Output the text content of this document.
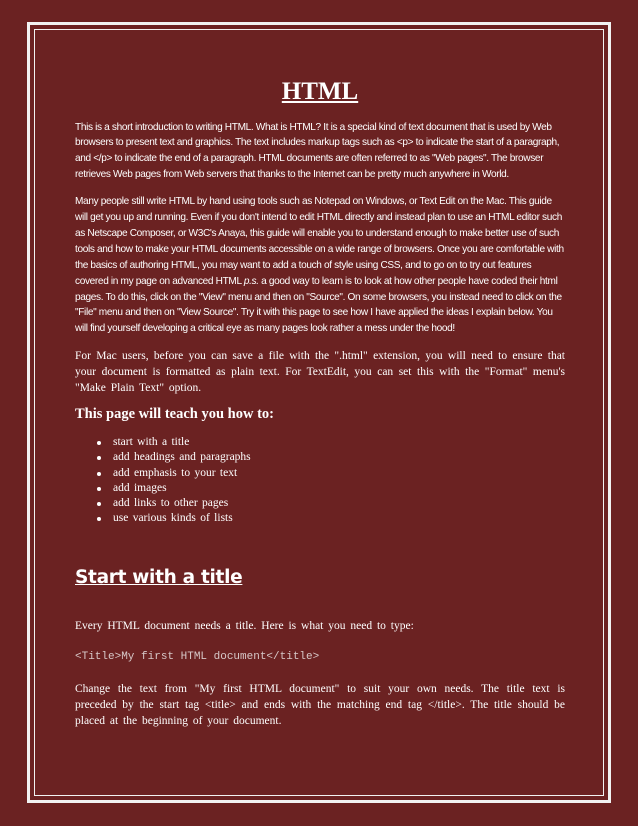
HTML

This is a short introduction to writing HTML. What is HTML? It is a special kind of text document that is used by Web browsers to present text and graphics. The text includes markup tags such as <p> to indicate the start of a paragraph, and </p> to indicate the end of a paragraph. HTML documents are often referred to as "Web pages". The browser retrieves Web pages from Web servers that thanks to the Internet can be pretty much anywhere in World.

Many people still write HTML by hand using tools such as Notepad on Windows, or Text Edit on the Mac. This guide will get you up and running. Even if you don't intend to edit HTML directly and instead plan to use an HTML editor such as Netscape Composer, or W3C's Anaya, this guide will enable you to understand enough to make better use of such tools and how to make your HTML documents accessible on a wide range of browsers. Once you are comfortable with the basics of authoring HTML, you may want to add a touch of style using CSS, and to go on to try out features covered in my page on advanced HTML p.s. a good way to learn is to look at how other people have coded their html pages. To do this, click on the "View" menu and then on "Source". On some browsers, you instead need to click on the "File" menu and then on "View Source". Try it with this page to see how I have applied the ideas I explain below. You will find yourself developing a critical eye as many pages look rather a mess under the hood!

For Mac users, before you can save a file with the ".html" extension, you will need to ensure that your document is formatted as plain text. For TextEdit, you can set this with the "Format" menu's "Make Plain Text" option.

This page will teach you how to:
start with a title
add headings and paragraphs
add emphasis to your text
add images
add links to other pages
use various kinds of lists
Start with a title

Every HTML document needs a title. Here is what you need to type:

<Title>My first HTML document</title>

Change the text from "My first HTML document" to suit your own needs. The title text is preceded by the start tag <title> and ends with the matching end tag </title>. The title should be placed at the beginning of your document.
